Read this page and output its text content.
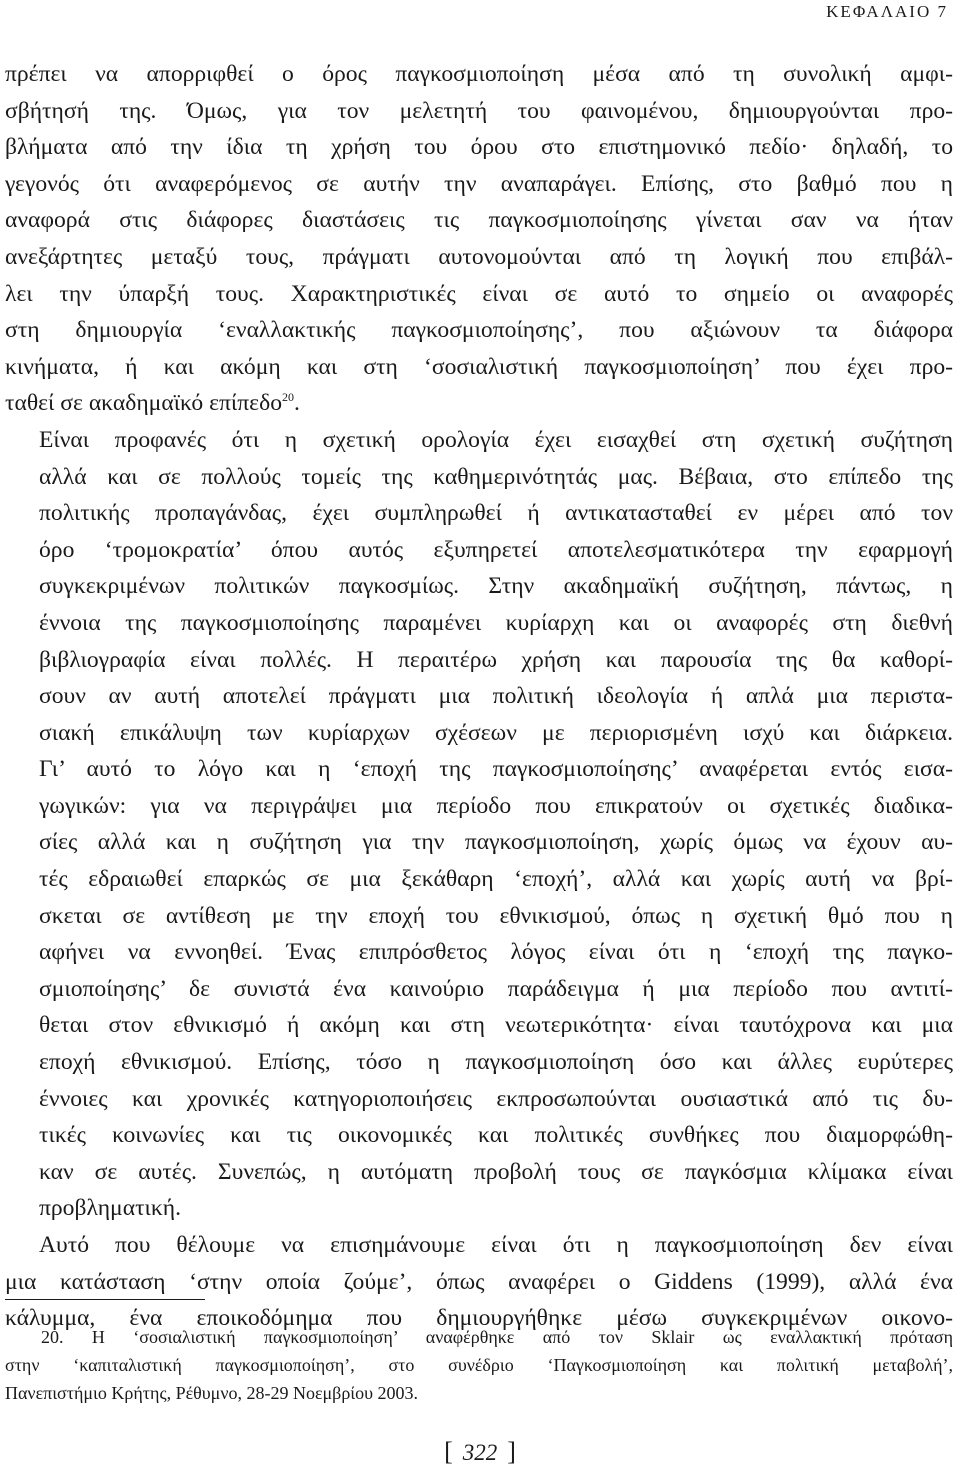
ΚΕΦΑΛΑΙΟ 7

πρέπει να απορριφθεί ο όρος παγκοσμιοποίηση μέσα από τη συνολική αμφι-
σβήτησή της. Όμως, για τον μελετητή του φαινομένου, δημιουργούνται προ-
βλήματα από την ίδια τη χρήση του όρου στο επιστημονικό πεδίο· δηλαδή, το
γεγονός ότι αναφερόμενος σε αυτήν την αναπαράγει. Επίσης, στο βαθμό που η
αναφορά στις διάφορες διαστάσεις τις παγκοσμιοποίησης γίνεται σαν να ήταν
ανεξάρτητες μεταξύ τους, πράγματι αυτονομούνται από τη λογική που επιβάλ-
λει την ύπαρξή τους. Χαρακτηριστικές είναι σε αυτό το σημείο οι αναφορές
στη δημιουργία ‘εναλλακτικής παγκοσμιοποίησης’, που αξιώνουν τα διάφορα
κινήματα, ή και ακόμη και στη ‘σοσιαλιστική παγκοσμιοποίηση’ που έχει προ-
ταθεί σε ακαδημαϊκό επίπεδο$^{20}$.

Είναι προφανές ότι η σχετική ορολογία έχει εισαχθεί στη σχετική συζήτηση
αλλά και σε πολλούς τομείς της καθημερινότητάς μας. Βέβαια, στο επίπεδο της
πολιτικής προπαγάνδας, έχει συμπληρωθεί ή αντικατασταθεί εν μέρει από τον
όρο ‘τρομοκρατία’ όπου αυτός εξυπηρετεί αποτελεσματικότερα την εφαρμογή
συγκεκριμένων πολιτικών παγκοσμίως. Στην ακαδημαϊκή συζήτηση, πάντως, η
έννοια της παγκοσμιοποίησης παραμένει κυρίαρχη και οι αναφορές στη διεθνή
βιβλιογραφία είναι πολλές. Η περαιτέρω χρήση και παρουσία της θα καθορί-
σουν αν αυτή αποτελεί πράγματι μια πολιτική ιδεολογία ή απλά μια περιστα-
σιακή επικάλυψη των κυρίαρχων σχέσεων με περιορισμένη ισχύ και διάρκεια.
Γι’ αυτό το λόγο και η ‘εποχή της παγκοσμιοποίησης’ αναφέρεται εντός εισα-
γωγικών: για να περιγράψει μια περίοδο που επικρατούν οι σχετικές διαδικα-
σίες αλλά και η συζήτηση για την παγκοσμιοποίηση, χωρίς όμως να έχουν αυ-
τές εδραιωθεί επαρκώς σε μια ξεκάθαρη ‘εποχή’, αλλά και χωρίς αυτή να βρί-
σκεται σε αντίθεση με την εποχή του εθνικισμού, όπως η σχετική θμό που η
αφήνει να εννοηθεί. Ένας επιπρόσθετος λόγος είναι ότι η ‘εποχή της παγκο-
σμιοποίησης’ δε συνιστά ένα καινούριο παράδειγμα ή μια περίοδο που αντιτί-
θεται στον εθνικισμό ή ακόμη και στη νεωτερικότητα· είναι ταυτόχρονα και μια
εποχή εθνικισμού. Επίσης, τόσο η παγκοσμιοποίηση όσο και άλλες ευρύτερες
έννοιες και χρονικές κατηγοριοποιήσεις εκπροσωπούνται ουσιαστικά από τις δυ-
τικές κοινωνίες και τις οικονομικές και πολιτικές συνθήκες που διαμορφώθη-
καν σε αυτές. Συνεπώς, η αυτόματη προβολή τους σε παγκόσμια κλίμακα είναι
προβληματική.

Αυτό που θέλουμε να επισημάνουμε είναι ότι η παγκοσμιοποίηση δεν είναι
μια κατάσταση ‘στην οποία ζούμε’, όπως αναφέρει ο Giddens (1999), αλλά ένα
κάλυμμα, ένα εποικοδόμημα που δημιουργήθηκε μέσω συγκεκριμένων οικονο-

20. Η ‘σοσιαλιστική παγκοσμιοποίηση’ αναφέρθηκε από τον Sklair ως εναλλακτική πρόταση
στην ‘καπιταλιστική παγκοσμιοποίηση’, στο συνέδριο ‘Παγκοσμιοποίηση και πολιτική μεταβολή’,
Πανεπιστήμιο Κρήτης, Ρέθυμνο, 28-29 Νοεμβρίου 2003.
[ 322 ]
